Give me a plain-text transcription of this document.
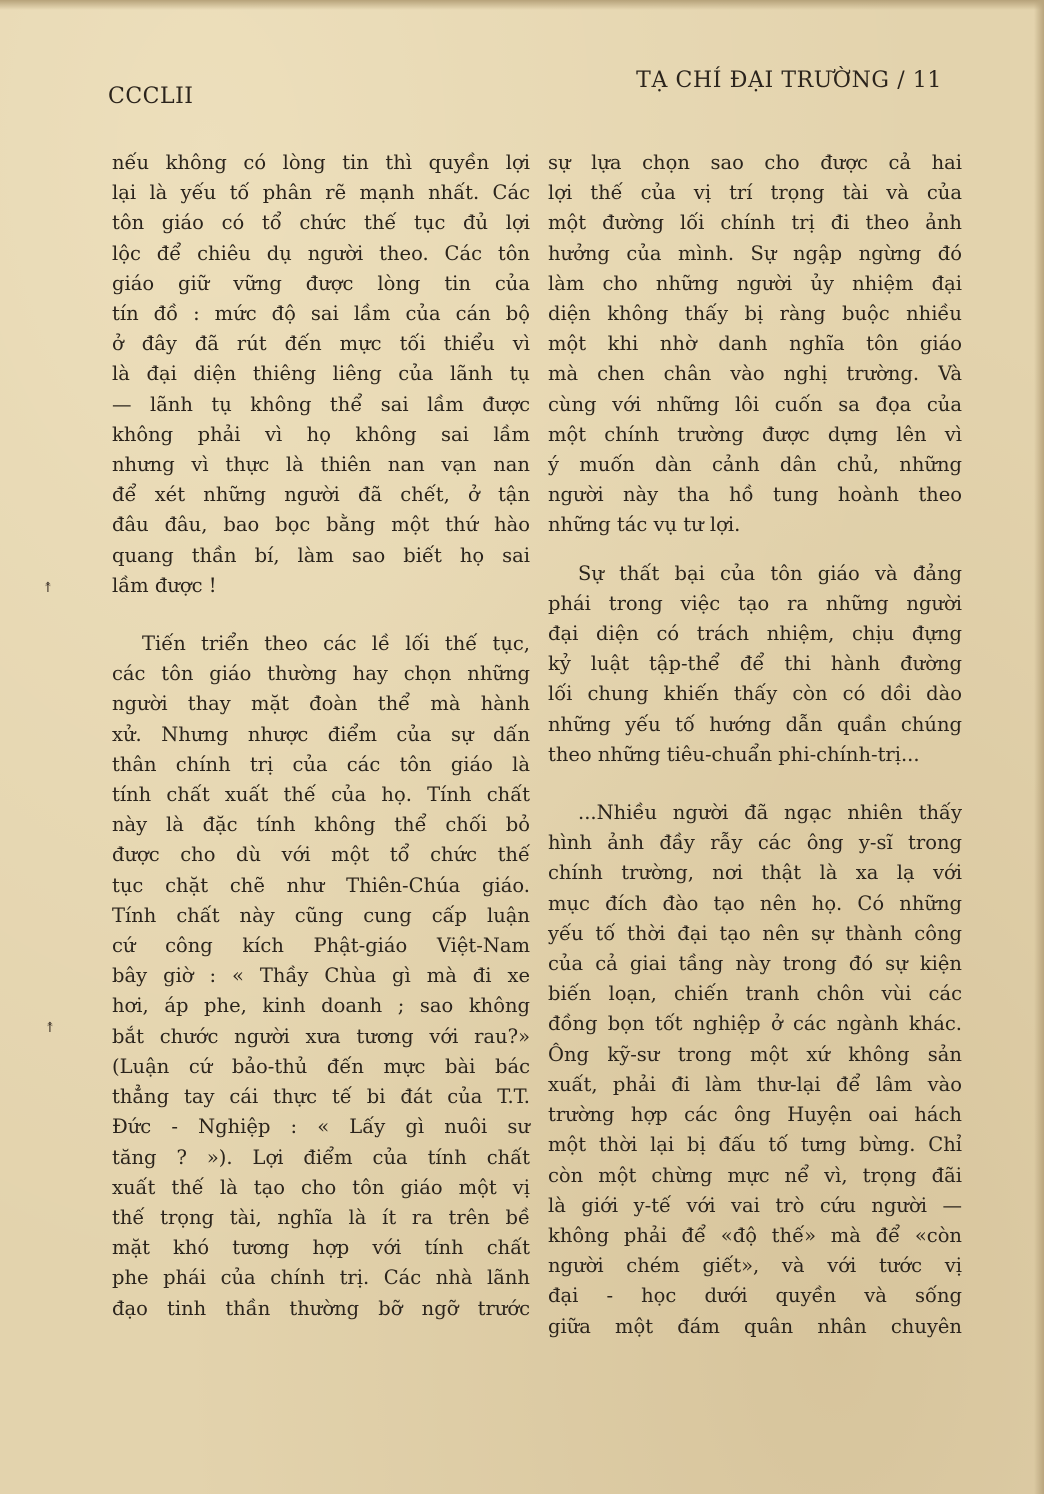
CCCLII
TẠ CHÍ ĐẠI TRƯỜNG / 11
↟
↟
nếu không có lòng tin thì quyền lợi
lại là yếu tố phân rẽ mạnh nhất. Các
tôn giáo có tổ chức thế tục đủ lợi
lộc để chiêu dụ người theo. Các tôn
giáo giữ vững được lòng tin của
tín đồ : mức độ sai lầm của cán bộ
ở đây đã rút đến mực tối thiểu vì
là đại diện thiêng liêng của lãnh tụ
— lãnh tụ không thể sai lầm được
không phải vì họ không sai lầm
nhưng vì thực là thiên nan vạn nan
để xét những người đã chết, ở tận
đâu đâu, bao bọc bằng một thứ hào
quang thần bí, làm sao biết họ sai
lầm được !
Tiến triển theo các lề lối thế tục,
các tôn giáo thường hay chọn những
người thay mặt đoàn thể mà hành
xử. Nhưng nhược điểm của sự dấn
thân chính trị của các tôn giáo là
tính chất xuất thế của họ. Tính chất
này là đặc tính không thể chối bỏ
được cho dù với một tổ chức thế
tục chặt chẽ như Thiên-Chúa giáo.
Tính chất này cũng cung cấp luận
cứ công kích Phật-giáo Việt-Nam
bây giờ : « Thầy Chùa gì mà đi xe
hơi, áp phe, kinh doanh ; sao không
bắt chước người xưa tương với rau?»
(Luận cứ bảo-thủ đến mực bài bác
thẳng tay cái thực tế bi đát của T.T.
Đức - Nghiệp : « Lấy gì nuôi sư
tăng ? »). Lợi điểm của tính chất
xuất thế là tạo cho tôn giáo một vị
thế trọng tài, nghĩa là ít ra trên bề
mặt khó tương hợp với tính chất
phe phái của chính trị. Các nhà lãnh
đạo tinh thần thường bỡ ngỡ trước
sự lựa chọn sao cho được cả hai
lợi thế của vị trí trọng tài và của
một đường lối chính trị đi theo ảnh
hưởng của mình. Sự ngập ngừng đó
làm cho những người ủy nhiệm đại
diện không thấy bị ràng buộc nhiều
một khi nhờ danh nghĩa tôn giáo
mà chen chân vào nghị trường. Và
cùng với những lôi cuốn sa đọa của
một chính trường được dựng lên vì
ý muốn dàn cảnh dân chủ, những
người này tha hồ tung hoành theo
những tác vụ tư lợi.
Sự thất bại của tôn giáo và đảng
phái trong việc tạo ra những người
đại diện có trách nhiệm, chịu đựng
kỷ luật tập-thể để thi hành đường
lối chung khiến thấy còn có dồi dào
những yếu tố hướng dẫn quần chúng
theo những tiêu-chuẩn phi-chính-trị...
...Nhiều người đã ngạc nhiên thấy
hình ảnh đầy rẫy các ông y-sĩ trong
chính trường, nơi thật là xa lạ với
mục đích đào tạo nên họ. Có những
yếu tố thời đại tạo nên sự thành công
của cả giai tầng này trong đó sự kiện
biến loạn, chiến tranh chôn vùi các
đồng bọn tốt nghiệp ở các ngành khác.
Ông kỹ-sư trong một xứ không sản
xuất, phải đi làm thư-lại để lâm vào
trường hợp các ông Huyện oai hách
một thời lại bị đấu tố tưng bừng. Chỉ
còn một chừng mực nể vì, trọng đãi
là giới y-tế với vai trò cứu người —
không phải để «độ thế» mà để «còn
người chém giết», và với tước vị
đại - học dưới quyền và sống
giữa một đám quân nhân chuyên
